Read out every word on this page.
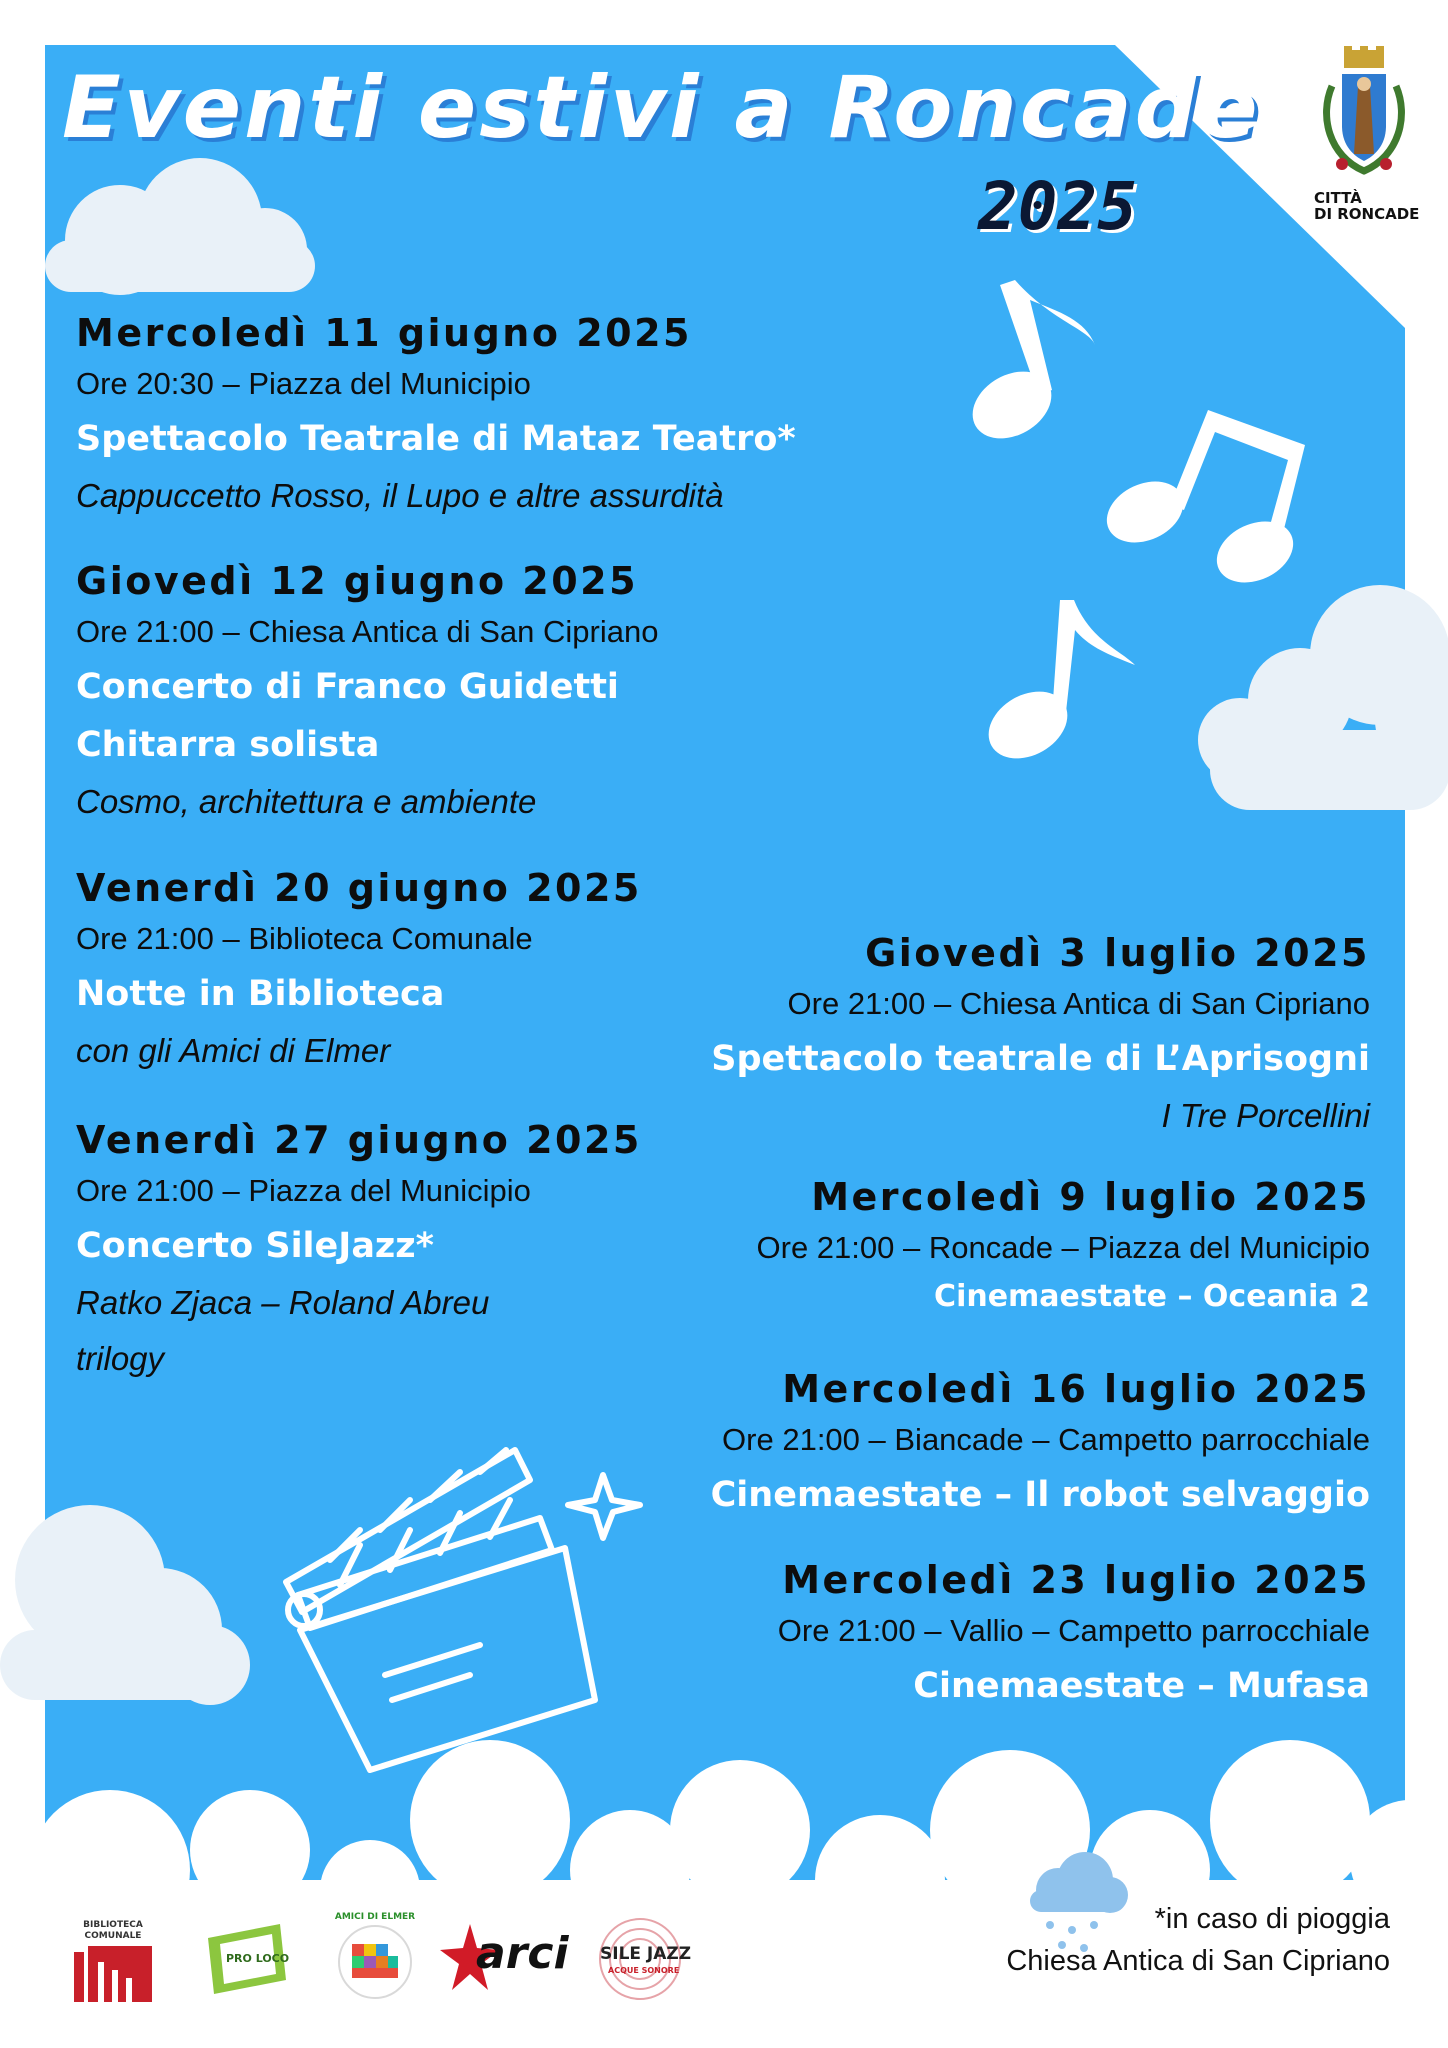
Eventi estivi a Roncade
2025	CITTÀ
DI RONCADE
Mercoledì 11 giugno 2025
Ore 20:30 – Piazza del Municipio
Spettacolo Teatrale di Mataz Teatro*
Cappuccetto Rosso, il Lupo e altre assurdità
Giovedì 12 giugno 2025
Ore 21:00 – Chiesa Antica di San Cipriano
Concerto di Franco Guidetti
Chitarra solista
Cosmo, architettura e ambiente
Venerdì 20 giugno 2025
Ore 21:00 – Biblioteca Comunale
Notte in Biblioteca
con gli Amici di Elmer
Venerdì 27 giugno 2025
Ore 21:00 – Piazza del Municipio
Concerto SileJazz*
Ratko Zjaca – Roland Abreu
trilogy
Giovedì 3 luglio 2025
Ore 21:00 – Chiesa Antica di San Cipriano
Spettacolo teatrale di L’Aprisogni
I Tre Porcellini
Mercoledì 9 luglio 2025
Ore 21:00 – Roncade – Piazza del Municipio
Cinemaestate – Oceania 2
Mercoledì 16 luglio 2025
Ore 21:00 – Biancade – Campetto parrocchiale
Cinemaestate – Il robot selvaggio
Mercoledì 23 luglio 2025
Ore 21:00 – Vallio – Campetto parrocchiale
Cinemaestate – Mufasa
*in caso di pioggia
Chiesa Antica di San Cipriano
BIBLIOTECA COMUNALE
PRO LOCO
AMICI DI ELMER
arci SILE JAZZ
ACQUE SONORE
